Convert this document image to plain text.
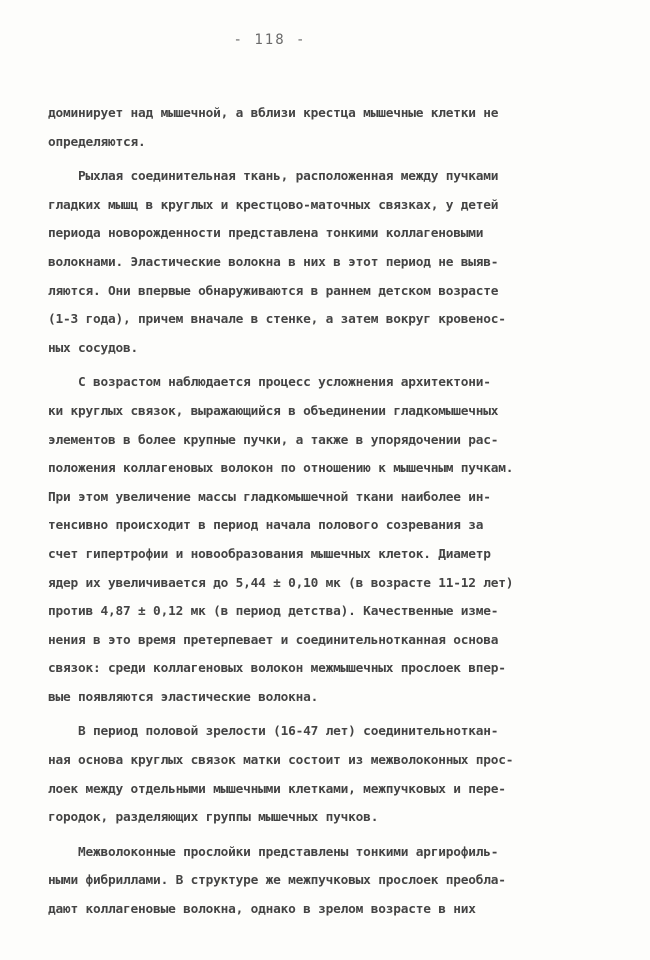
- 118 -
доминирует над мышечной, а вблизи крестца мышечные клетки не
определяются.
Рыхлая соединительная ткань, расположенная между пучками
гладких мышц в круглых и крестцово-маточных связках, у детей
периода новорожденности представлена тонкими коллагеновыми
волокнами. Эластические волокна в них в этот период не выяв-
ляются. Они впервые обнаруживаются в раннем детском возрасте
(1-3 года), причем вначале в стенке, а затем вокруг кровенос-
ных сосудов.
С возрастом наблюдается процесс усложнения архитектони-
ки круглых связок, выражающийся в объединении гладкомышечных
элементов в более крупные пучки, а также в упорядочении рас-
положения коллагеновых волокон по отношению к мышечным пучкам.
При этом увеличение массы гладкомышечной ткани наиболее ин-
тенсивно происходит в период начала полового созревания за
счет гипертрофии и новообразования мышечных клеток. Диаметр
ядер их увеличивается до 5,44 ± 0,10 мк (в возрасте 11-12 лет)
против 4,87 ± 0,12 мк (в период детства). Качественные изме-
нения в это время претерпевает и соединительнотканная основа
связок: среди коллагеновых волокон межмышечных прослоек впер-
вые появляются эластические волокна.
В период половой зрелости (16-47 лет) соединительноткан-
ная основа круглых связок матки состоит из межволоконных прос-
лоек между отдельными мышечными клетками, межпучковых и пере-
городок, разделяющих группы мышечных пучков.
Межволоконные прослойки представлены тонкими аргирофиль-
ными фибриллами. В структуре же межпучковых прослоек преобла-
дают коллагеновые волокна, однако в зрелом возрасте в них
